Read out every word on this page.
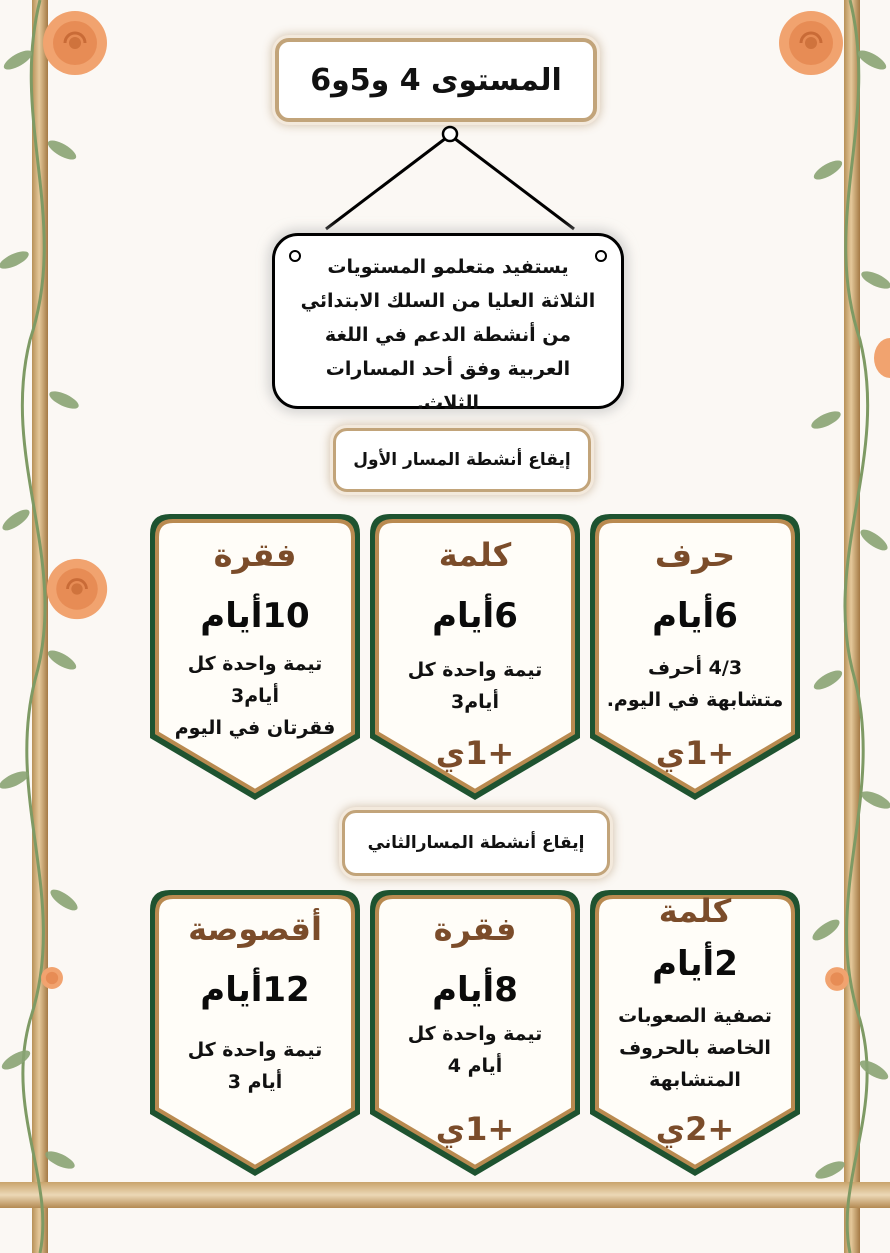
المستوى 4 و5و6

يستفيد متعلمو المستويات

الثلاثة العليا من السلك الابتدائي

من أنشطة الدعم في اللغة

العربية وفق أحد المسارات الثلاث.

إيقاع أنشطة المسار الأول
حرف
6أيام
4/3 أحرف
متشابهة في اليوم.
+1ي
كلمة
6أيام
تيمة واحدة كل
أيام3
+1ي
فقرة
10أيام
تيمة واحدة كل
أيام3
فقرتان في اليوم
إيقاع أنشطة المسارالثاني
كلمة
2أيام
تصفية الصعوبات
الخاصة بالحروف
المتشابهة
+2ي
فقرة
8أيام
تيمة واحدة كل
أيام 4
+1ي
أقصوصة
12أيام
تيمة واحدة كل
أيام 3
